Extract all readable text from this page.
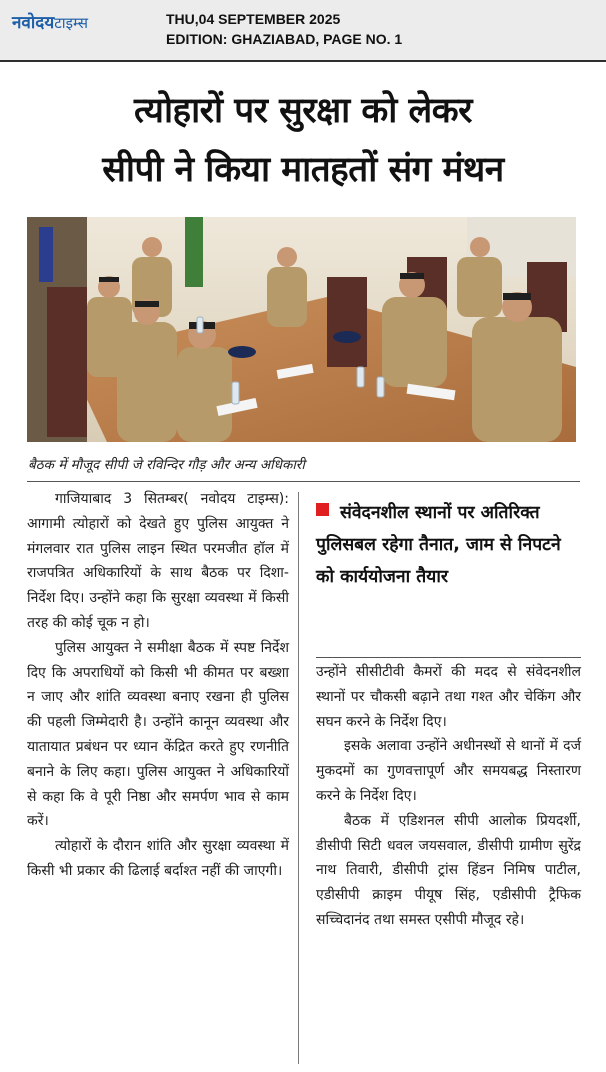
नवोदयटाइम्स	THU,04 SEPTEMBER 2025
EDITION: GHAZIABAD, PAGE NO. 1
त्योहारों पर सुरक्षा को लेकर
सीपी ने किया मातहतों संग मंथन
बैठक में मौजूद सीपी जे रविन्दिर गौड़ और अन्य अधिकारी

गाजियाबाद 3 सितम्बर( नवोदय टाइम्स): आगामी त्योहारों को देखते हुए पुलिस आयुक्त ने मंगलवार रात पुलिस लाइन स्थित परमजीत हॉल में राजपत्रित अधिकारियों के साथ बैठक पर दिशा-निर्देश दिए। उन्होंने कहा कि सुरक्षा व्यवस्था में किसी तरह की कोई चूक न हो।

पुलिस आयुक्त ने समीक्षा बैठक में स्पष्ट निर्देश दिए कि अपराधियों को किसी भी कीमत पर बख्शा न जाए और शांति व्यवस्था बनाए रखना ही पुलिस की पहली जिम्मेदारी है। उन्होंने कानून व्यवस्था और यातायात प्रबंधन पर ध्यान केंद्रित करते हुए रणनीति बनाने के लिए कहा। पुलिस आयुक्त ने अधिकारियों से कहा कि वे पूरी निष्ठा और समर्पण भाव से काम करें।

त्योहारों के दौरान शांति और सुरक्षा व्यवस्था में किसी भी प्रकार की ढिलाई बर्दाश्त नहीं की जाएगी।

संवेदनशील स्थानों पर अतिरिक्त पुलिसबल रहेगा तैनात, जाम से निपटने को कार्ययोजना तैयार

उन्होंने सीसीटीवी कैमरों की मदद से संवेदनशील स्थानों पर चौकसी बढ़ाने तथा गश्त और चेकिंग और सघन करने के निर्देश दिए।

इसके अलावा उन्होंने अधीनस्थों से थानों में दर्ज मुकदमों का गुणवत्तापूर्ण और समयबद्ध निस्तारण करने के निर्देश दिए।

बैठक में एडिशनल सीपी आलोक प्रियदर्शी, डीसीपी सिटी धवल जयसवाल, डीसीपी ग्रामीण सुरेंद्र नाथ तिवारी, डीसीपी ट्रांस हिंडन निमिष पाटील, एडीसीपी क्राइम पीयूष सिंह, एडीसीपी ट्रैफिक सच्चिदानंद तथा समस्त एसीपी मौजूद रहे।
